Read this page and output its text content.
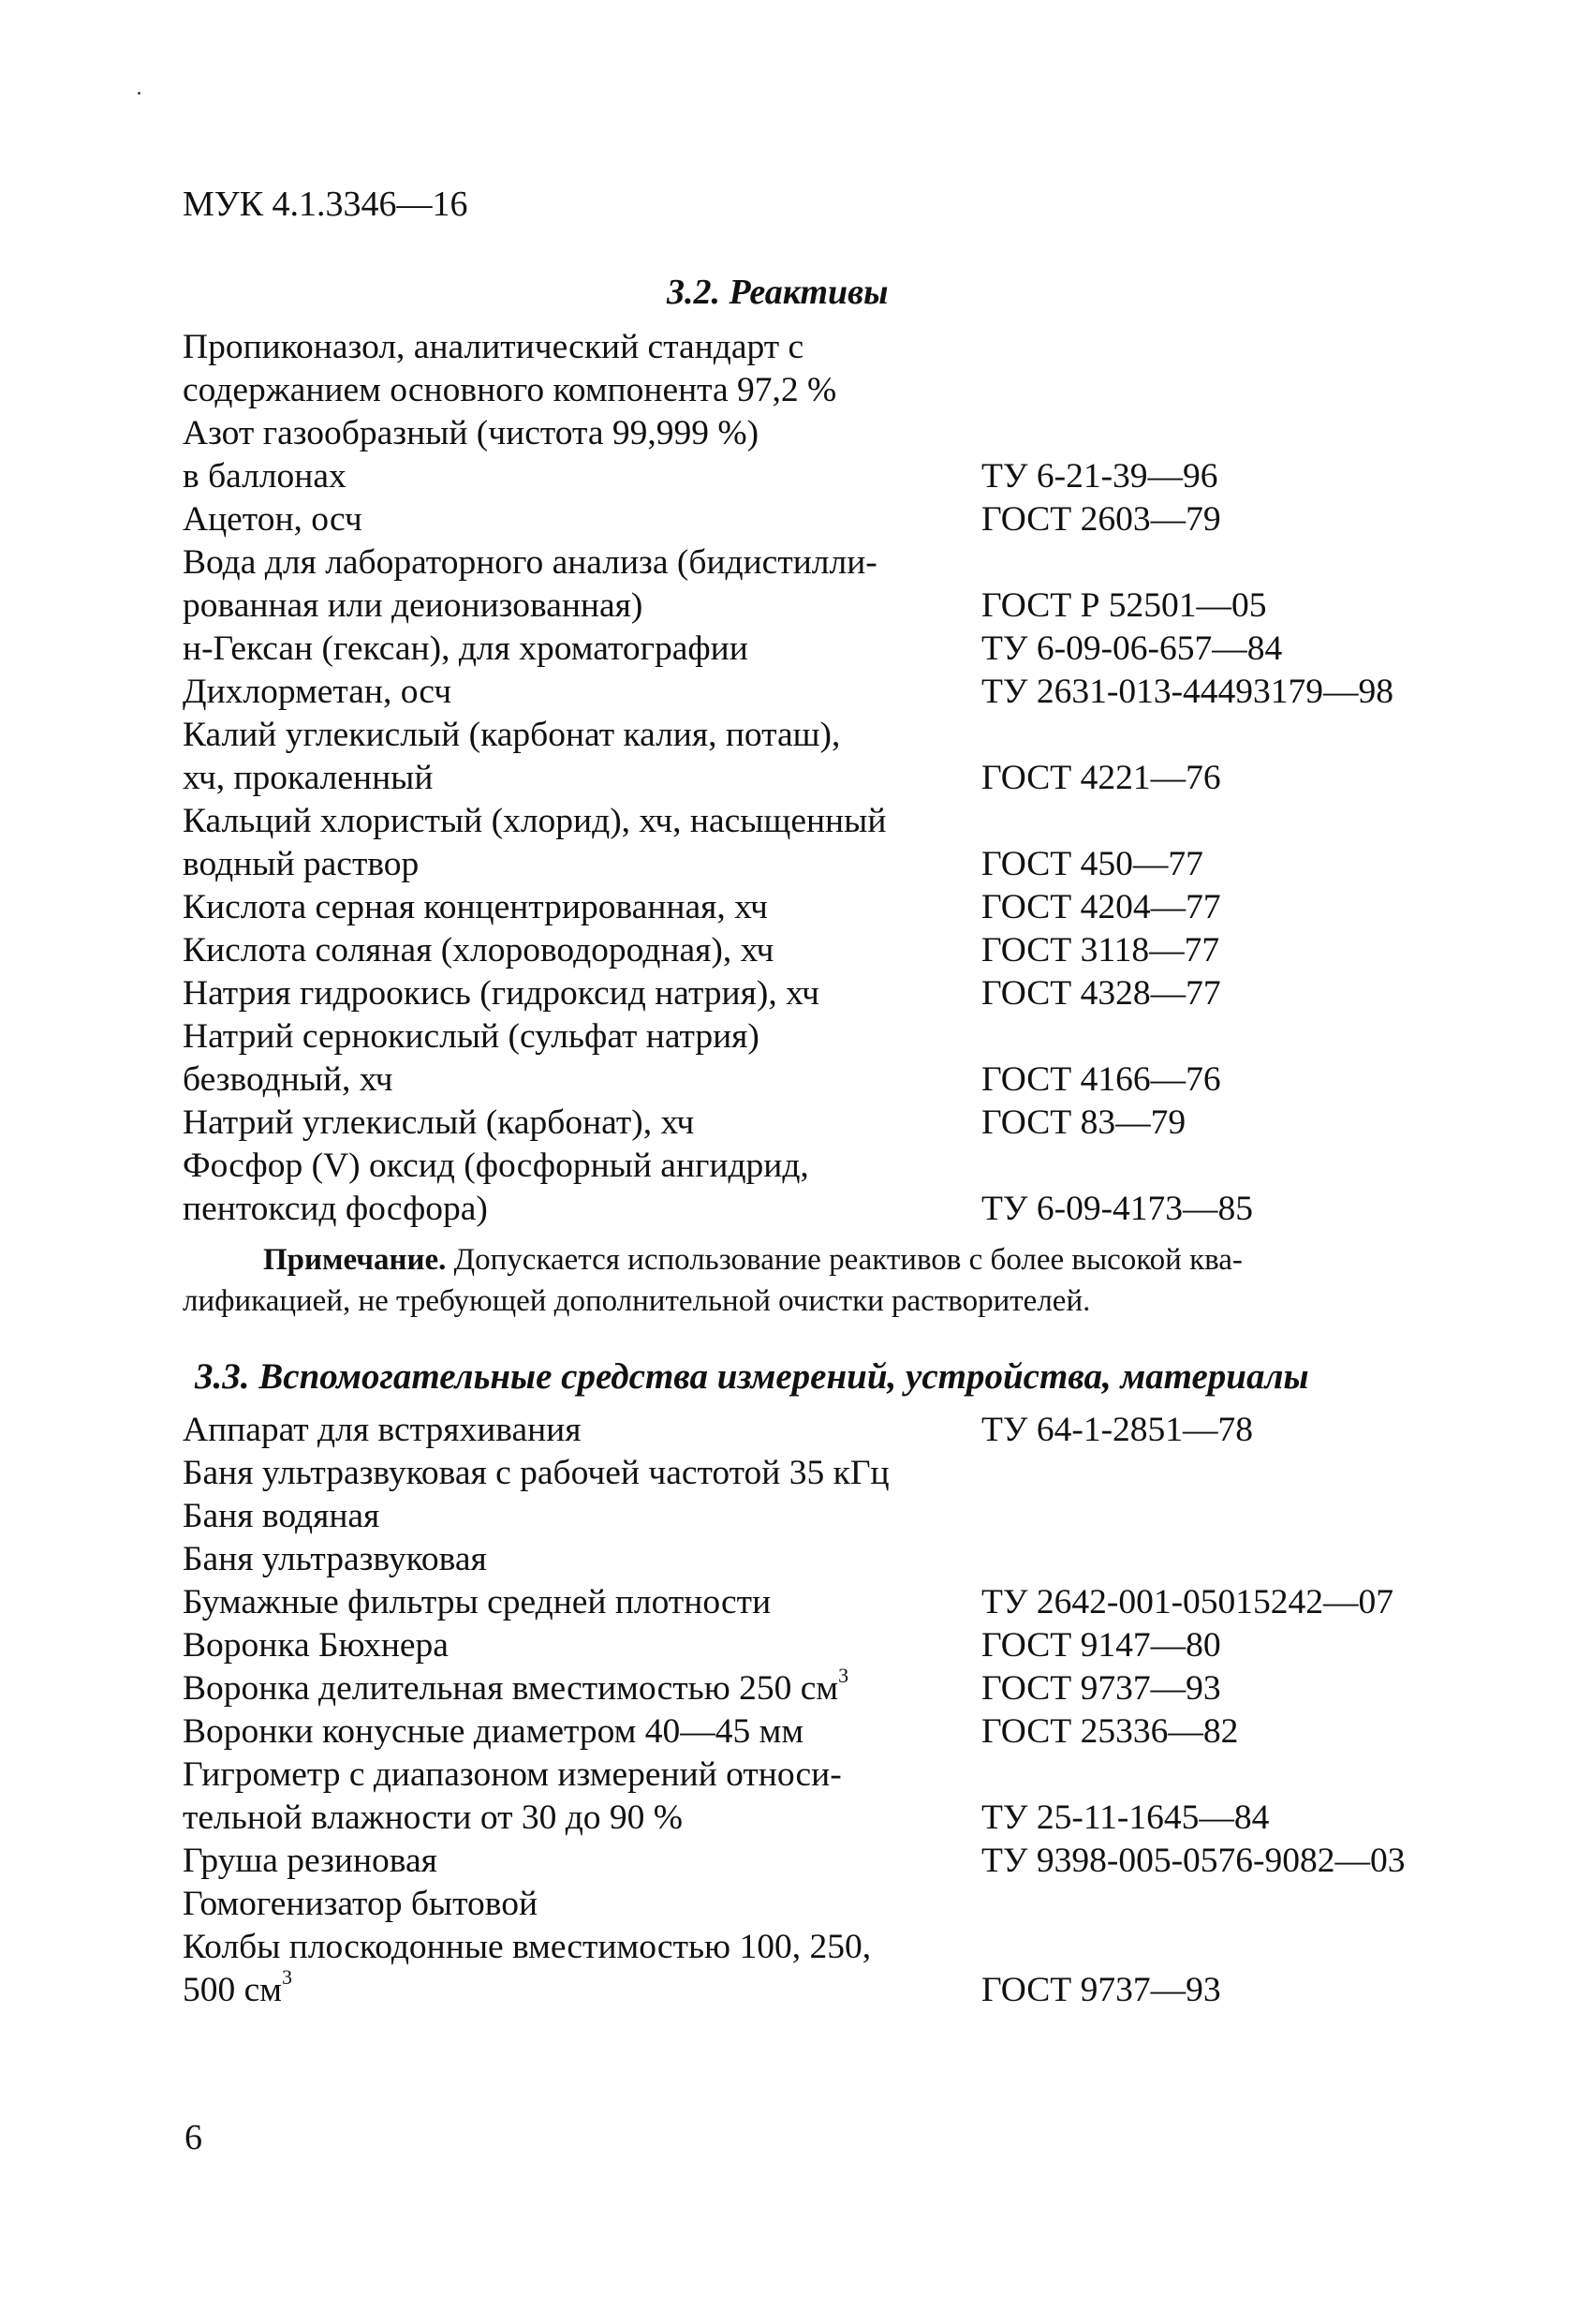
МУК 4.1.3346—16
3.2. Реактивы
Пропиконазол, аналитический стандарт с
содержанием основного компонента 97,2 %
Азот газообразный (чистота 99,999 %)
в баллонах	ТУ 6-21-39—96
Ацетон, осч	ГОСТ 2603—79
Вода для лабораторного анализа (бидистилли-
рованная или деионизованная)	ГОСТ Р 52501—05
н-Гексан (гексан), для хроматографии	ТУ 6-09-06-657—84
Дихлорметан, осч	ТУ 2631-013-44493179—98
Калий углекислый (карбонат калия, поташ),
хч, прокаленный	ГОСТ 4221—76
Кальций хлористый (хлорид), хч, насыщенный
водный раствор	ГОСТ 450—77
Кислота серная концентрированная, хч	ГОСТ 4204—77
Кислота соляная (хлороводородная), хч	ГОСТ 3118—77
Натрия гидроокись (гидроксид натрия), хч	ГОСТ 4328—77
Натрий сернокислый (сульфат натрия)
безводный, хч	ГОСТ 4166—76
Натрий углекислый (карбонат), хч	ГОСТ 83—79
Фосфор (V) оксид (фосфорный ангидрид,
пентоксид фосфора)	ТУ 6-09-4173—85
Примечание. Допускается использование реактивов с более высокой ква-
лификацией, не требующей дополнительной очистки растворителей.
3.3. Вспомогательные средства измерений, устройства, материалы
Аппарат для встряхивания	ТУ 64-1-2851—78
Баня ультразвуковая с рабочей частотой 35 кГц
Баня водяная
Баня ультразвуковая
Бумажные фильтры средней плотности	ТУ 2642-001-05015242—07
Воронка Бюхнера	ГОСТ 9147—80
Воронка делительная вместимостью 250 $см^3$	ГОСТ 9737—93
Воронки конусные диаметром 40—45 мм	ГОСТ 25336—82
Гигрометр с диапазоном измерений относи-
тельной влажности от 30 до 90 %	ТУ 25-11-1645—84
Груша резиновая	ТУ 9398-005-0576-9082—03
Гомогенизатор бытовой
Колбы плоскодонные вместимостью 100, 250,
500 $см^3$	ГОСТ 9737—93
6
